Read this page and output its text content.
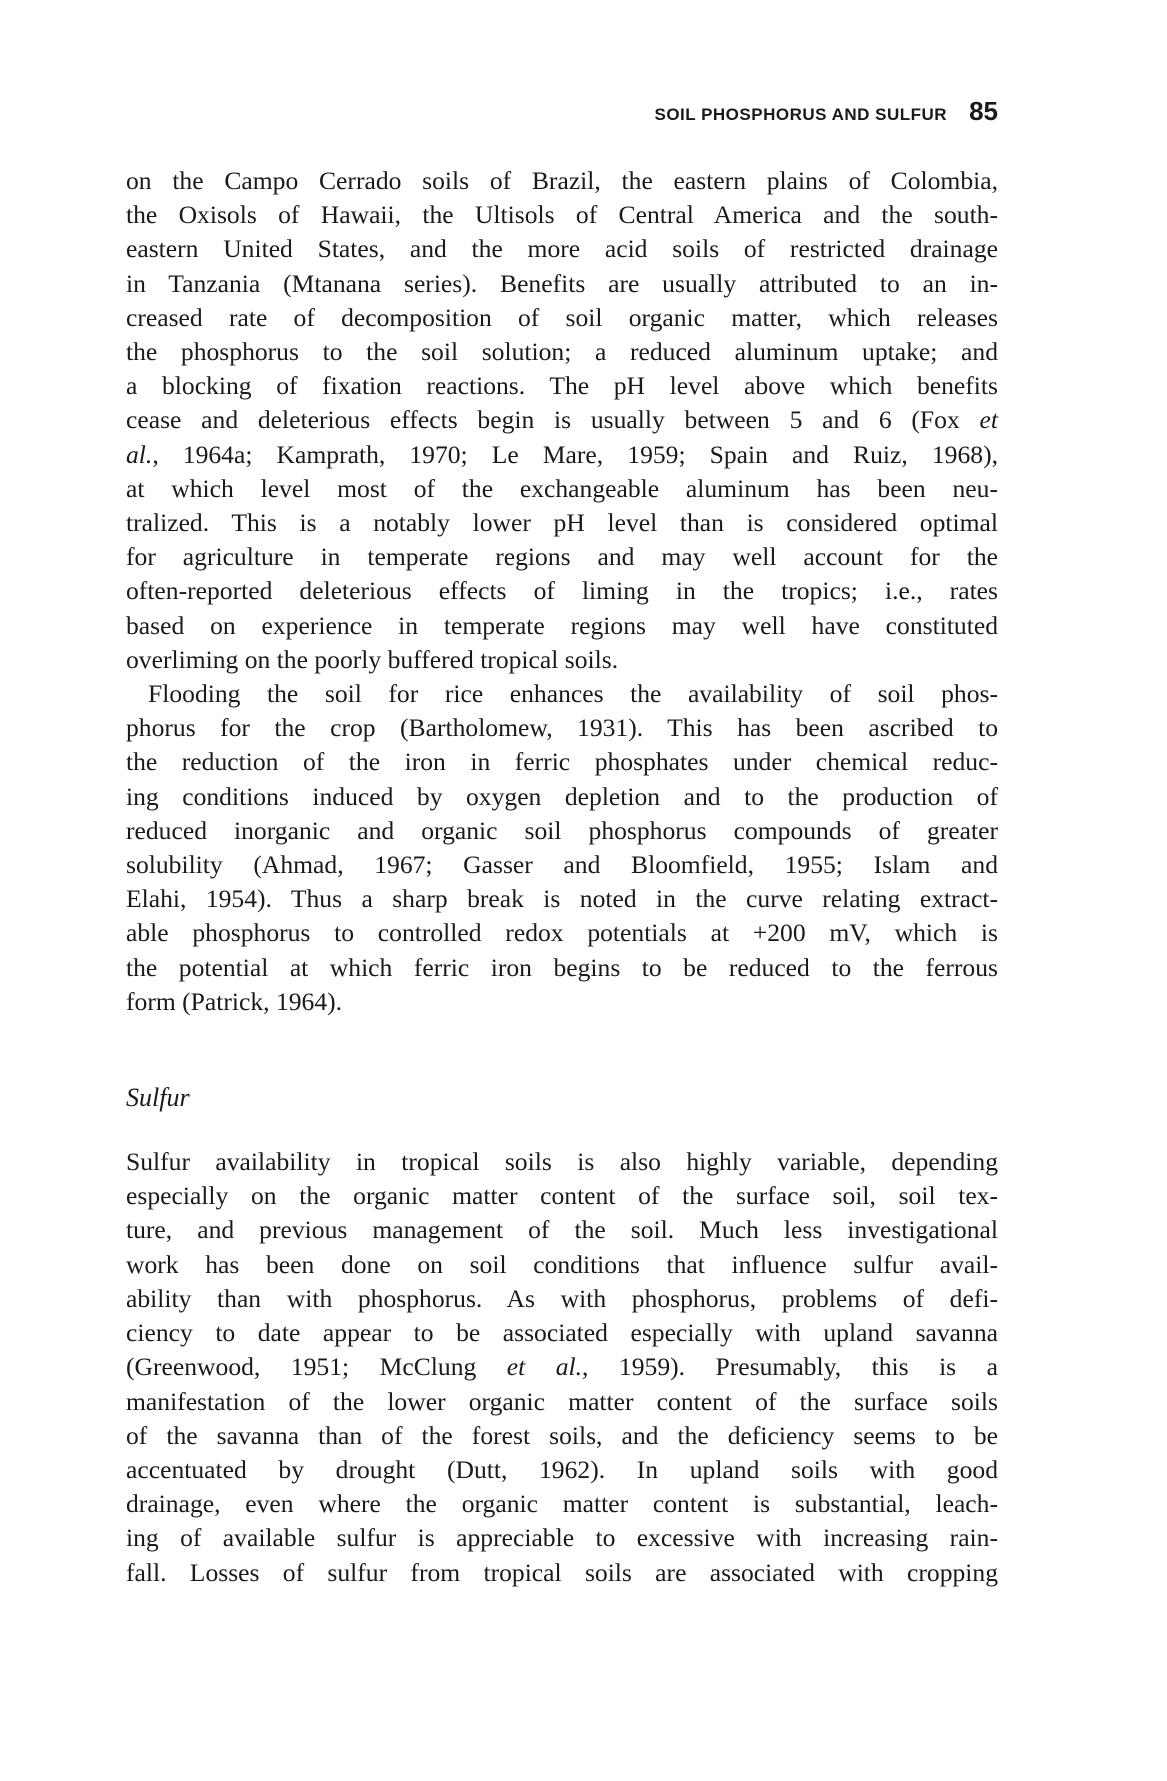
SOIL PHOSPHORUS AND SULFUR 85
on the Campo Cerrado soils of Brazil, the eastern plains of Colombia,
the Oxisols of Hawaii, the Ultisols of Central America and the south-
eastern United States, and the more acid soils of restricted drainage
in Tanzania (Mtanana series). Benefits are usually attributed to an in-
creased rate of decomposition of soil organic matter, which releases
the phosphorus to the soil solution; a reduced aluminum uptake; and
a blocking of fixation reactions. The pH level above which benefits
cease and deleterious effects begin is usually between 5 and 6 (Fox et
al., 1964a; Kamprath, 1970; Le Mare, 1959; Spain and Ruiz, 1968),
at which level most of the exchangeable aluminum has been neu-
tralized. This is a notably lower pH level than is considered optimal
for agriculture in temperate regions and may well account for the
often-reported deleterious effects of liming in the tropics; i.e., rates
based on experience in temperate regions may well have constituted
overliming on the poorly buffered tropical soils.
Flooding the soil for rice enhances the availability of soil phos-
phorus for the crop (Bartholomew, 1931). This has been ascribed to
the reduction of the iron in ferric phosphates under chemical reduc-
ing conditions induced by oxygen depletion and to the production of
reduced inorganic and organic soil phosphorus compounds of greater
solubility (Ahmad, 1967; Gasser and Bloomfield, 1955; Islam and
Elahi, 1954). Thus a sharp break is noted in the curve relating extract-
able phosphorus to controlled redox potentials at +200 mV, which is
the potential at which ferric iron begins to be reduced to the ferrous
form (Patrick, 1964).
Sulfur
Sulfur availability in tropical soils is also highly variable, depending
especially on the organic matter content of the surface soil, soil tex-
ture, and previous management of the soil. Much less investigational
work has been done on soil conditions that influence sulfur avail-
ability than with phosphorus. As with phosphorus, problems of defi-
ciency to date appear to be associated especially with upland savanna
(Greenwood, 1951; McClung et al., 1959). Presumably, this is a
manifestation of the lower organic matter content of the surface soils
of the savanna than of the forest soils, and the deficiency seems to be
accentuated by drought (Dutt, 1962). In upland soils with good
drainage, even where the organic matter content is substantial, leach-
ing of available sulfur is appreciable to excessive with increasing rain-
fall. Losses of sulfur from tropical soils are associated with cropping
